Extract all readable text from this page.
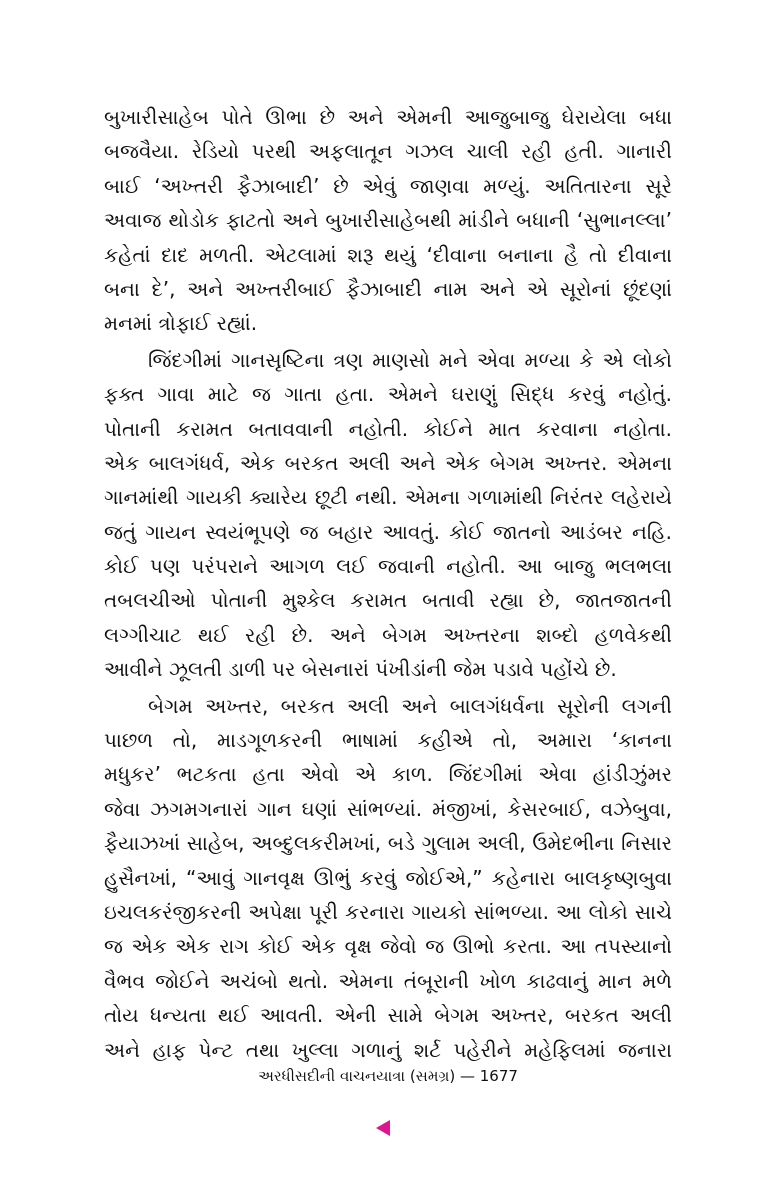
બુખારીસાહેબ પોતે ઊભા છે અને એમની આજુબાજુ ઘેરાયેલા બધા
બજવૈયા. રેડિયો પરથી અફલાતૂન ગઝલ ચાલી રહી હતી. ગાનારી
બાઈ ‘અખ્તરી ફૈઝાબાદી’ છે એવું જાણવા મળ્યું. અતિતારના સૂરે
અવાજ થોડોક ફાટતો અને બુખારીસાહેબથી માંડીને બધાની ‘સુભાનલ્લા’
કહેતાં દાદ મળતી. એટલામાં શરૂ થયું ‘દીવાના બનાના હૈ તો દીવાના
બના દે’, અને અખ્તરીબાઈ ફૈઝાબાદી નામ અને એ સૂરોનાં છૂંદણાં
મનમાં ત્રોફાઈ રહ્યાં.
જિંદગીમાં ગાનસૃષ્ટિના ત્રણ માણસો મને એવા મળ્યા કે એ લોકો
ફક્ત ગાવા માટે જ ગાતા હતા. એમને ઘરાણું સિદ્ધ કરવું નહોતું.
પોતાની કરામત બતાવવાની નહોતી. કોઈને માત કરવાના નહોતા.
એક બાલગંધર્વ, એક બરકત અલી અને એક બેગમ અખ્તર. એમના
ગાનમાંથી ગાયકી ક્યારેય છૂટી નથી. એમના ગળામાંથી નિરંતર લહેરાયે
જતું ગાયન સ્વયંભૂપણે જ બહાર આવતું. કોઈ જાતનો આડંબર નહિ.
કોઈ પણ પરંપરાને આગળ લઈ જવાની નહોતી. આ બાજુ ભલભલા
તબલચીઓ પોતાની મુશ્કેલ કરામત બતાવી રહ્યા છે, જાતજાતની
લગ્ગીચાટ થઈ રહી છે. અને બેગમ અખ્તરના શબ્દો હળવેકથી
આવીને ઝૂલતી ડાળી પર બેસનારાં પંખીડાંની જેમ પડાવે પહોંચે છે.
બેગમ અખ્તર, બરકત અલી અને બાલગંધર્વના સૂરોની લગની
પાછળ તો, માડગૂળકરની ભાષામાં કહીએ તો, અમારા ‘કાનના
મધુકર’ ભટકતા હતા એવો એ કાળ. જિંદગીમાં એવા હાંડીઝુંમર
જેવા ઝગમગનારાં ગાન ઘણાં સાંભળ્યાં. મંજીખાં, કેસરબાઈ, વઝેબુવા,
ફૈયાઝખાં સાહેબ, અબ્દુલકરીમખાં, બડે ગુલામ અલી, ઉમેદભીના નિસાર
હુસૈનખાં, “આવું ગાનવૃક્ષ ઊભું કરવું જોઈએ,” કહેનારા બાલકૃષ્ણબુવા
ઇચલકરંજીકરની અપેક્ષા પૂરી કરનારા ગાયકો સાંભળ્યા. આ લોકો સાચે
જ એક એક રાગ કોઈ એક વૃક્ષ જેવો જ ઊભો કરતા. આ તપસ્યાનો
વૈભવ જોઈને અચંબો થતો. એમના તંબૂરાની ખોળ કાઢવાનું માન મળે
તોય ધન્યતા થઈ આવતી. એની સામે બેગમ અખ્તર, બરકત અલી
અને હાફ પેન્ટ તથા ખુલ્લા ગળાનું શર્ટ પહેરીને મહેફિલમાં જનારા
અરધીસદીની વાચનયાત્રા (સમગ્ર) — 1677
